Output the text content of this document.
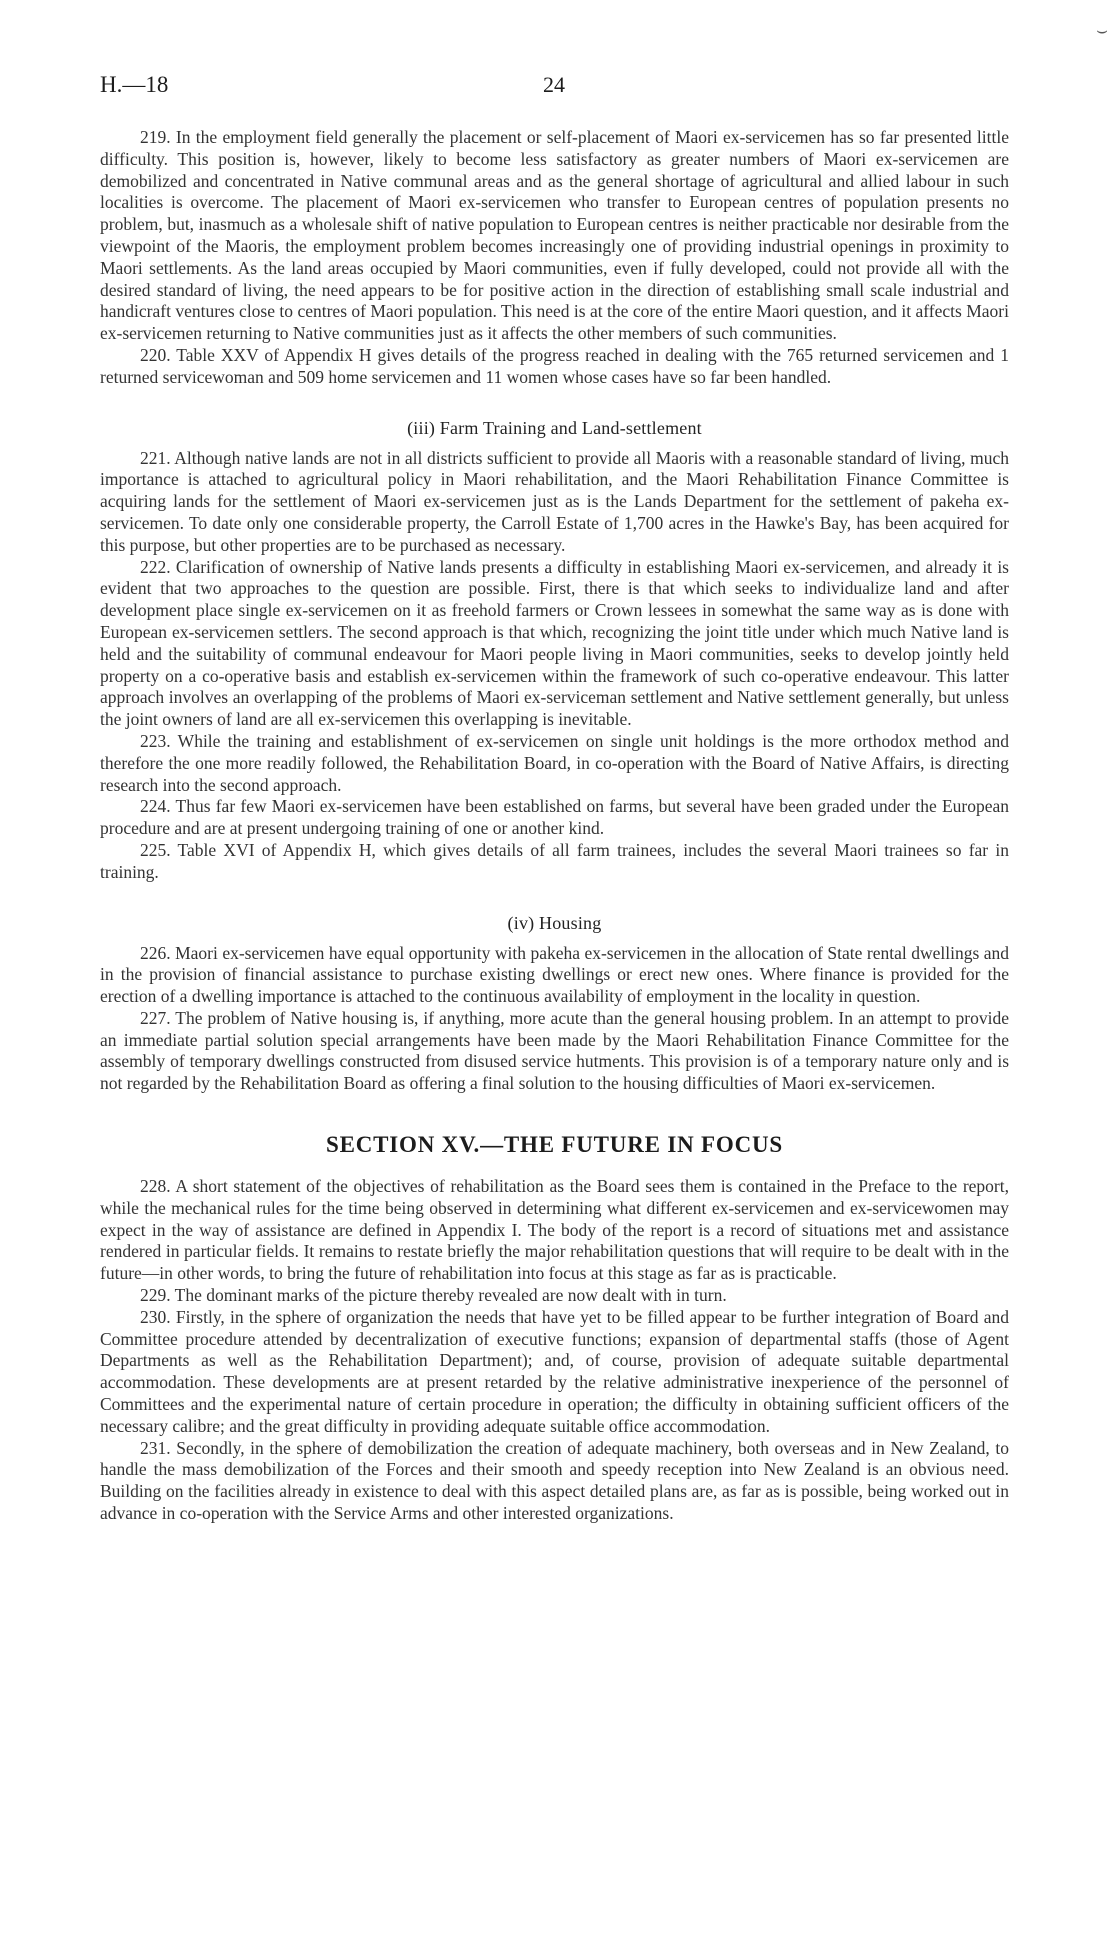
⌣
H.—18	24

219. In the employment field generally the placement or self-placement of Maori ex-servicemen has so far presented little difficulty. This position is, however, likely to become less satisfactory as greater numbers of Maori ex-servicemen are demobilized and concentrated in Native communal areas and as the general shortage of agricultural and allied labour in such localities is overcome. The placement of Maori ex-servicemen who transfer to European centres of population presents no problem, but, inasmuch as a wholesale shift of native population to European centres is neither practicable nor desirable from the viewpoint of the Maoris, the employment problem becomes increasingly one of providing industrial openings in proximity to Maori settlements. As the land areas occupied by Maori communities, even if fully developed, could not provide all with the desired standard of living, the need appears to be for positive action in the direction of establishing small scale industrial and handicraft ventures close to centres of Maori population. This need is at the core of the entire Maori question, and it affects Maori ex-servicemen returning to Native communities just as it affects the other members of such communities.

220. Table XXV of Appendix H gives details of the progress reached in dealing with the 765 returned servicemen and 1 returned servicewoman and 509 home servicemen and 11 women whose cases have so far been handled.

(iii) Farm Training and Land-settlement

221. Although native lands are not in all districts sufficient to provide all Maoris with a reasonable standard of living, much importance is attached to agricultural policy in Maori rehabilitation, and the Maori Rehabilitation Finance Committee is acquiring lands for the settlement of Maori ex-servicemen just as is the Lands Department for the settlement of pakeha ex-servicemen. To date only one considerable property, the Carroll Estate of 1,700 acres in the Hawke's Bay, has been acquired for this purpose, but other properties are to be purchased as necessary.

222. Clarification of ownership of Native lands presents a difficulty in establishing Maori ex-servicemen, and already it is evident that two approaches to the question are possible. First, there is that which seeks to individualize land and after development place single ex-servicemen on it as freehold farmers or Crown lessees in somewhat the same way as is done with European ex-servicemen settlers. The second approach is that which, recognizing the joint title under which much Native land is held and the suitability of communal endeavour for Maori people living in Maori communities, seeks to develop jointly held property on a co-operative basis and establish ex-servicemen within the framework of such co-operative endeavour. This latter approach involves an overlapping of the problems of Maori ex-serviceman settlement and Native settlement generally, but unless the joint owners of land are all ex-servicemen this overlapping is inevitable.

223. While the training and establishment of ex-servicemen on single unit holdings is the more orthodox method and therefore the one more readily followed, the Rehabilitation Board, in co-operation with the Board of Native Affairs, is directing research into the second approach.

224. Thus far few Maori ex-servicemen have been established on farms, but several have been graded under the European procedure and are at present undergoing training of one or another kind.

225. Table XVI of Appendix H, which gives details of all farm trainees, includes the several Maori trainees so far in training.

(iv) Housing

226. Maori ex-servicemen have equal opportunity with pakeha ex-servicemen in the allocation of State rental dwellings and in the provision of financial assistance to purchase existing dwellings or erect new ones. Where finance is provided for the erection of a dwelling importance is attached to the continuous availability of employment in the locality in question.

227. The problem of Native housing is, if anything, more acute than the general housing problem. In an attempt to provide an immediate partial solution special arrangements have been made by the Maori Rehabilitation Finance Committee for the assembly of temporary dwellings constructed from disused service hutments. This provision is of a temporary nature only and is not regarded by the Rehabilitation Board as offering a final solution to the housing difficulties of Maori ex-servicemen.

SECTION XV.—THE FUTURE IN FOCUS

228. A short statement of the objectives of rehabilitation as the Board sees them is contained in the Preface to the report, while the mechanical rules for the time being observed in determining what different ex-servicemen and ex-servicewomen may expect in the way of assistance are defined in Appendix I. The body of the report is a record of situations met and assistance rendered in particular fields. It remains to restate briefly the major rehabilitation questions that will require to be dealt with in the future—in other words, to bring the future of rehabilitation into focus at this stage as far as is practicable.

229. The dominant marks of the picture thereby revealed are now dealt with in turn.

230. Firstly, in the sphere of organization the needs that have yet to be filled appear to be further integration of Board and Committee procedure attended by decentralization of executive functions; expansion of departmental staffs (those of Agent Departments as well as the Rehabilitation Department); and, of course, provision of adequate suitable departmental accommodation. These developments are at present retarded by the relative administrative inexperience of the personnel of Committees and the experimental nature of certain procedure in operation; the difficulty in obtaining sufficient officers of the necessary calibre; and the great difficulty in providing adequate suitable office accommodation.

231. Secondly, in the sphere of demobilization the creation of adequate machinery, both overseas and in New Zealand, to handle the mass demobilization of the Forces and their smooth and speedy reception into New Zealand is an obvious need. Building on the facilities already in existence to deal with this aspect detailed plans are, as far as is possible, being worked out in advance in co-operation with the Service Arms and other interested organizations.
